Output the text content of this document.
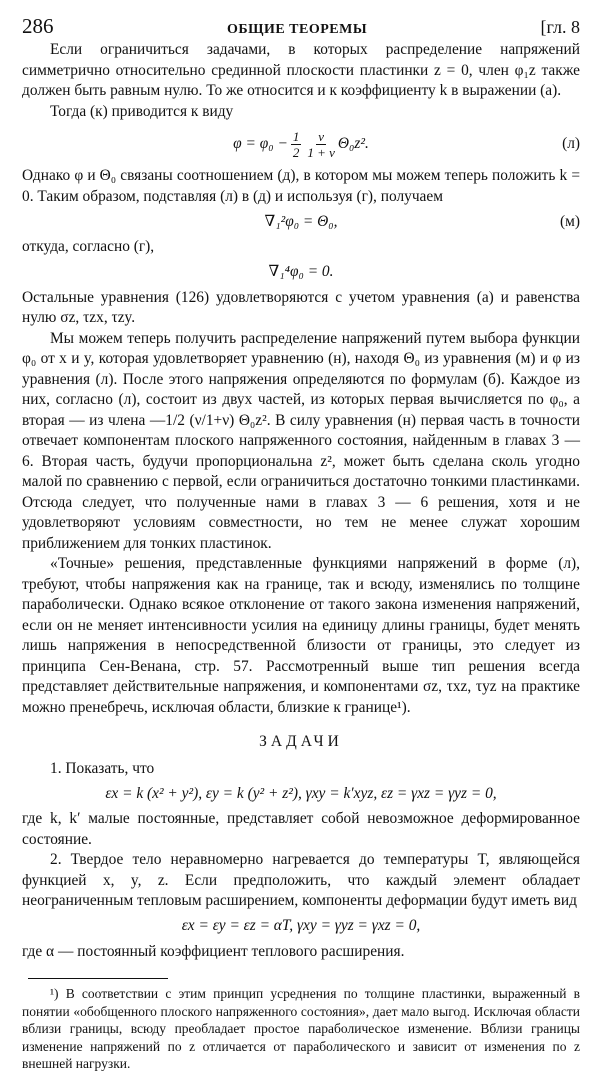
286	ОБЩИЕ ТЕОРЕМЫ	[гл. 8

Если ограничиться задачами, в которых распределение напряжений симметрично относительно срединной плоскости пластинки z = 0, член φ₁z также должен быть равным нулю. То же относится и к коэффициенту k в выражении (а).

Тогда (к) приводится к виду

$\varphi = \varphi_0 - \frac{1}{2} \frac{\nu}{1 + \nu} \Theta_0z^2$.	(л)

Однако φ и Θ₀ связаны соотношением (д), в котором мы можем теперь положить k = 0. Таким образом, подставляя (л) в (д) и используя (г), получаем

∇₁²φ₀ = Θ₀,	(м)

откуда, согласно (г),

∇₁⁴φ₀ = 0.

Остальные уравнения (126) удовлетворяются с учетом уравнения (а) и равенства нулю σz, τzx, τzy.

Мы можем теперь получить распределение напряжений путем выбора функции φ₀ от x и y, которая удовлетворяет уравнению (н), находя Θ₀ из уравнения (м) и φ из уравнения (л). После этого напряжения определяются по формулам (б). Каждое из них, согласно (л), состоит из двух частей, из которых первая вычисляется по φ₀, а вторая — из члена —1/2 (ν/1+ν) Θ₀z². В силу уравнения (н) первая часть в точности отвечает компонентам плоского напряженного состояния, найденным в главах 3 — 6. Вторая часть, будучи пропорциональна z², может быть сделана сколь угодно малой по сравнению с первой, если ограничиться достаточно тонкими пластинками. Отсюда следует, что полученные нами в главах 3 — 6 решения, хотя и не удовлетворяют условиям совместности, но тем не менее служат хорошим приближением для тонких пластинок.

«Точные» решения, представленные функциями напряжений в форме (л), требуют, чтобы напряжения как на границе, так и всюду, изменялись по толщине параболически. Однако всякое отклонение от такого закона изменения напряжений, если он не меняет интенсивности усилия на единицу длины границы, будет менять лишь напряжения в непосредственной близости от границы, это следует из принципа Сен-Венана, стр. 57. Рассмотренный выше тип решения всегда представляет действительные напряжения, и компонентами σz, τxz, τyz на практике можно пренебречь, исключая области, близкие к границе¹).

ЗАДАЧИ

1. Показать, что

εx = k (x² + y²), εy = k (y² + z²), γxy = k′xyz, εz = γxz = γyz = 0,

где k, k′ малые постоянные, представляет собой невозможное деформированное состояние.

2. Твердое тело неравномерно нагревается до температуры T, являющейся функцией x, y, z. Если предположить, что каждый элемент обладает неограниченным тепловым расширением, компоненты деформации будут иметь вид

εx = εy = εz = αT, γxy = γyz = γxz = 0,

где α — постоянный коэффициент теплового расширения.

¹) В соответствии с этим принцип усреднения по толщине пластинки, выраженный в понятии «обобщенного плоского напряженного состояния», дает мало выгод. Исключая области вблизи границы, всюду преобладает простое параболическое изменение. Вблизи границы изменение напряжений по z отличается от параболического и зависит от изменения по z внешней нагрузки.
